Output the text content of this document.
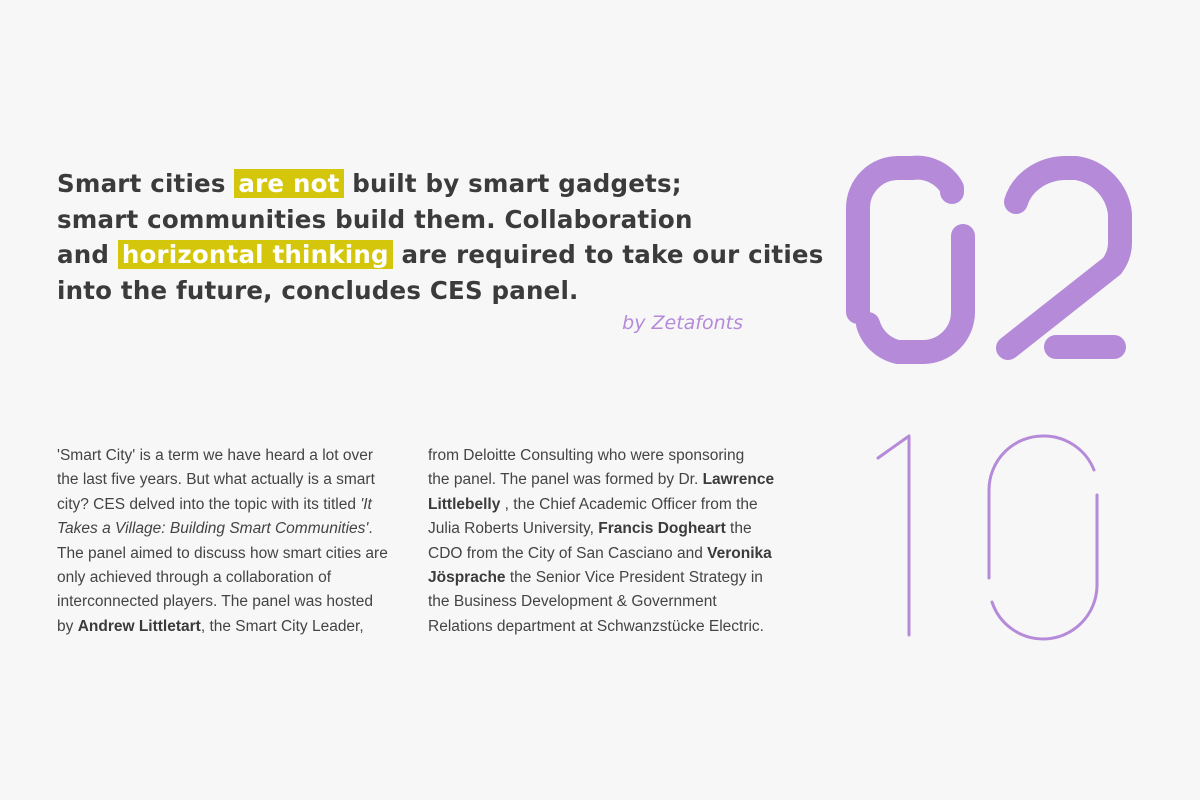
Smart cities are not built by smart gadgets;
smart communities build them. Collaboration
and horizontal thinking are required to take our cities
into the future, concludes CES panel.
by Zetafonts
'Smart City' is a term we have heard a lot over
the last five years. But what actually is a smart
city? CES delved into the topic with its titled 'It
Takes a Village: Building Smart Communities'.
The panel aimed to discuss how smart cities are
only achieved through a collaboration of
interconnected players. The panel was hosted
by Andrew Littletart, the Smart City Leader,
from Deloitte Consulting who were sponsoring
the panel. The panel was formed by Dr. Lawrence
Littlebelly , the Chief Academic Officer from the
Julia Roberts University, Francis Dogheart the
CDO from the City of San Casciano and Veronika
Jösprache the Senior Vice President Strategy in
the Business Development & Government
Relations department at Schwanzstücke Electric.
